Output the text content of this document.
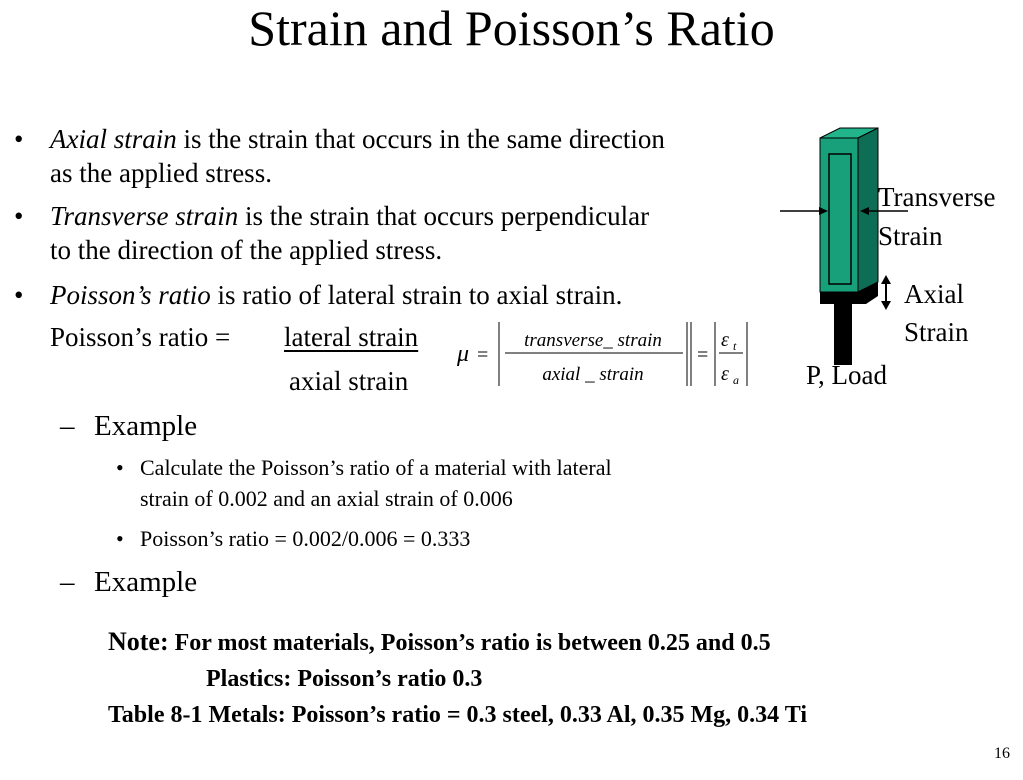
Strain and Poisson’s Ratio
• Axial strain is the strain that occurs in the same direction
as the applied stress.
• Transverse strain is the strain that occurs perpendicular
to the direction of the applied stress.
• Poisson’s ratio is ratio of lateral strain to axial strain.
Poisson’s ratio = lateral strain
axial strain
μ =
transverse_ strain
axial _ strain
=
ε t
ε a
– Example
• Calculate the Poisson’s ratio of a material with lateral
strain of 0.002 and an axial strain of 0.006
• Poisson’s ratio = 0.002/0.006 = 0.333
– Example
Note: For most materials, Poisson’s ratio is between 0.25 and 0.5
Plastics: Poisson’s ratio 0.3
Table 8-1 Metals: Poisson’s ratio = 0.3 steel, 0.33 Al, 0.35 Mg, 0.34 Ti
Transverse
Strain
Axial
Strain
P, Load
16
